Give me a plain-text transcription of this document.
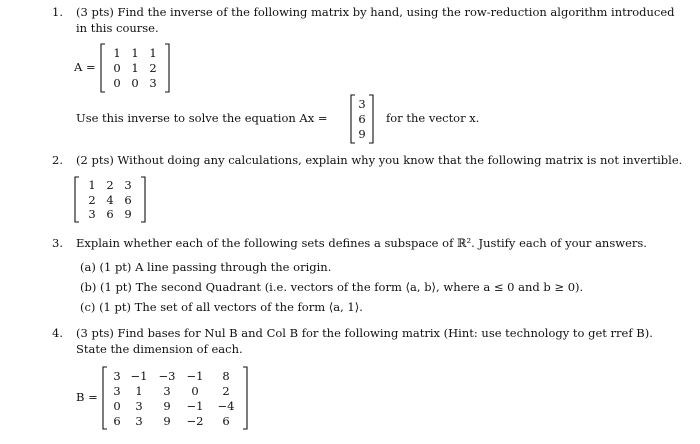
1. (3 pts) Find the inverse of the following matrix by hand, using the row-reduction algorithm introduced
in this course.
A =
1 1 1
0 1 2
0 0 3
Use this inverse to solve the equation Ax =
3
6
9
for the vector x.
2. (2 pts) Without doing any calculations, explain why you know that the following matrix is not invertible.
1 2 3
2 4 6
3 6 9
3. Explain whether each of the following sets defines a subspace of ℝ². Justify each of your answers.
(a) (1 pt) A line passing through the origin.
(b) (1 pt) The second Quadrant (i.e. vectors of the form ⟨a, b⟩, where a ≤ 0 and b ≥ 0).
(c) (1 pt) The set of all vectors of the form ⟨a, 1⟩.
4. (3 pts) Find bases for Nul B and Col B for the following matrix (Hint: use technology to get rref B).
State the dimension of each.
B =
3 −1 −3 −1	8
3	1	3	0	2
0	3	9	−1	−4
6	3	9	−2	6
